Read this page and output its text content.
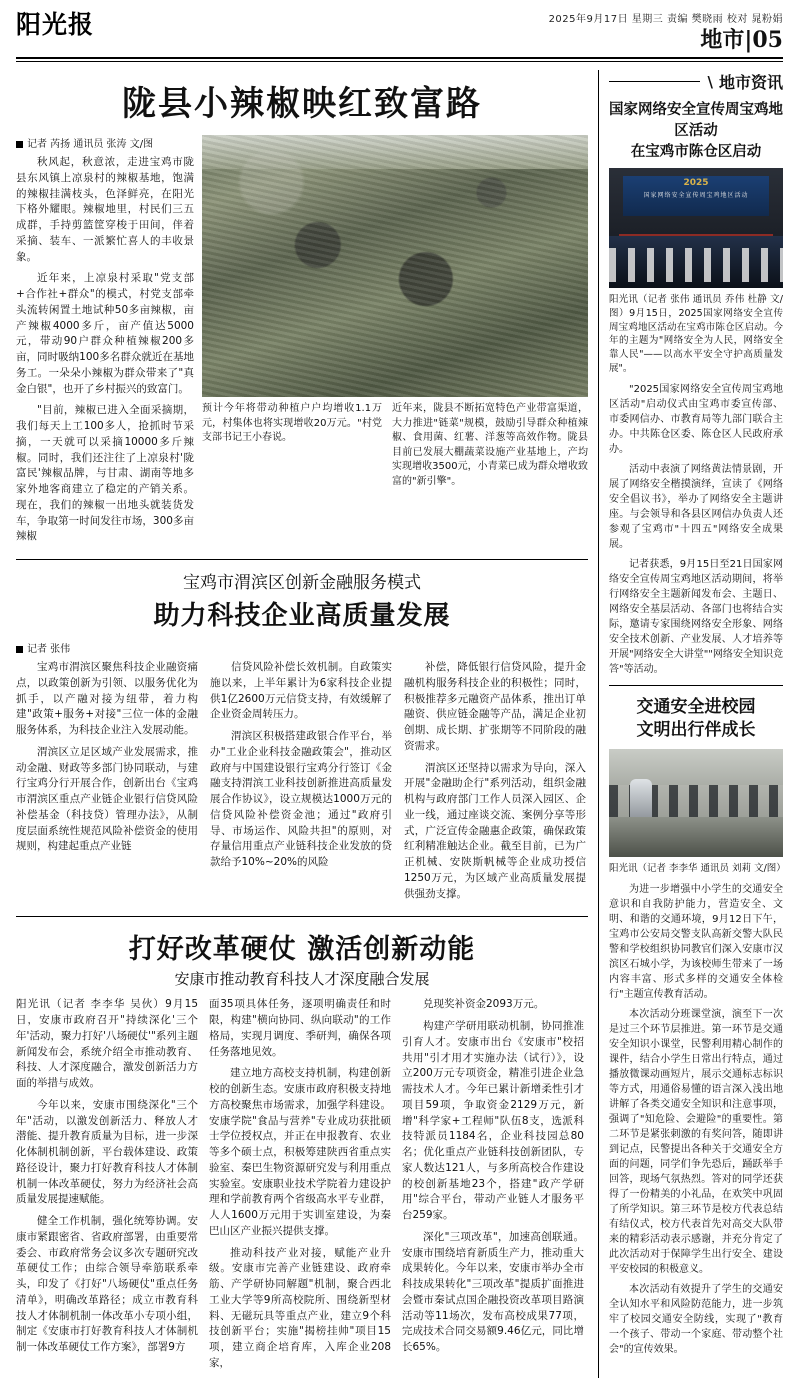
阳光报	2025年9月17日 星期三 责编 樊晓雨 校对 晁粉娟
地市|05
陇县小辣椒映红致富路
记者 芮扬 通讯员 张涛 文/图

秋风起，秋意浓，走进宝鸡市陇县东风镇上凉泉村的辣椒基地，饱满的辣椒挂满枝头，色泽鲜亮，在阳光下格外耀眼。辣椒地里，村民们三五成群，手持剪篮筐穿梭于田间，伴着采摘、装车、一派繁忙喜人的丰收景象。

近年来，上凉泉村采取"党支部+合作社+群众"的模式，村党支部牵头流转闲置土地试种50多亩辣椒，亩产辣椒4000多斤，亩产值达5000元，带动90户群众种植辣椒200多亩，同时吸纳100多名群众就近在基地务工。一朵朵小辣椒为群众带来了"真金白银"，也开了乡村振兴的致富门。

"目前，辣椒已进入全面采摘期，我们每天上工100多人，抢抓时节采摘，一天就可以采摘10000多斤辣椒。同时，我们还注往了上凉泉村'陇富民'辣椒品牌，与甘肃、湖南等地多家外地客商建立了稳定的产销关系。现在，我们的辣椒一出地头就装货发车，争取第一时间发往市场，300多亩辣椒

预计今年将带动种植户户均增收1.1万元，村集体也将实现增收20万元。"村党支部书记王小春说。

近年来，陇县不断拓宽特色产业带富渠道，大力推进"链菜"规模，鼓励引导群众种植辣椒、食用菌、红薯、洋葱等高效作物。陇县目前已发展大棚蔬菜设施产业基地上，产均实现增收3500元，小青菜已成为群众增收致富的"新引擎"。

宝鸡市渭滨区创新金融服务模式
助力科技企业高质量发展
记者 张伟

宝鸡市渭滨区聚焦科技企业融资痛点，以政策创新为引领、以服务优化为抓手，以产融对接为纽带，着力构建"政策+服务+对接"三位一体的金融服务体系，为科技企业注入发展动能。

渭滨区立足区域产业发展需求，推动金融、财政等多部门协同联动，与建行宝鸡分行开展合作，创新出台《宝鸡市渭滨区重点产业链企业银行信贷风险补偿基金（科技贷）管理办法》，从制度层面系统性规范风险补偿资金的使用规则，构建起重点产业链

信贷风险补偿长效机制。自政策实施以来，上半年累计为6家科技企业提供1亿2600万元信贷支持，有效缓解了企业资金周转压力。

渭滨区积极搭建政银合作平台，举办"工业企业科技金融政策会"，推动区政府与中国建设银行宝鸡分行签订《金融支持渭滨工业科技创新推进高质量发展合作协议》，设立规模达1000万元的信贷风险补偿资金池；通过"政府引导、市场运作、风险共担"的原则，对存量信用重点产业链科技企业发放的贷款给予10%~20%的风险

补偿，降低银行信贷风险，提升金融机构服务科技企业的积极性；同时，积极推荐多元融资产品体系，推出订单融资、供应链金融等产品，满足企业初创期、成长期、扩张期等不同阶段的融资需求。

渭滨区还坚持以需求为导向，深入开展"金融助企行"系列活动，组织金融机构与政府部门工作人员深入园区、企业一线，通过座谈交流、案例分享等形式，广泛宣传金融惠企政策，确保政策红利精准触达企业。截至目前，已为广正机械、安陕斯帆械等企业成功授信1250万元，为区域产业高质量发展提供强劲支撑。

打好改革硬仗 激活创新动能
安康市推动教育科技人才深度融合发展

阳光讯（记者 李李华 吴伙）9月15日，安康市政府召开"持续深化'三个年'活动，聚力打好'八场硬仗'"系列主题新闻发布会，系统介绍全市推动教育、科技、人才深度融合，激发创新活力方面的举措与成效。

今年以来，安康市围绕深化"三个年"活动，以激发创新活力、释放人才潜能、提升教育质量为目标，进一步深化体制机制创新，平台载体建设、政策路径设计，聚力打好教育科技人才体制机制一体改革硬仗，努力为经济社会高质量发展提速赋能。

健全工作机制，强化统筹协调。安康市紧跟密省、省政府部署，由重要常委会、市政府常务会议多次专题研究改革硬仗工作；由综合领导牵筋联系牵头，印发了《打好"八场硬仗"重点任务清单》，明确改革路径；成立市教育科技人才体制机制一体改革小专项小组，制定《安康市打好教育科技人才体制机制一体改革硬仗工作方案》，部署9方

面35项具体任务，逐项明确责任和时限，构建"横向协同、纵向联动"的工作格局，实现月调度、季研判，确保各项任务落地见效。

建立地方高校支持机制，构建创新校的创新生态。安康市政府积极支持地方高校聚焦市场需求，加强学科建设。安康学院"食品与营养"专业成功获批硕士学位授权点，并正在申报教育、农业等多个硕士点，积极筹建陕西省重点实验室、秦巴生物资源研究发与利用重点实验室。安康职业技术学院着力建设护理和学前教育两个省级高水平专业群，人人1600万元用于实训室建设，为秦巴山区产业振兴提供支撑。

推动科技产业对接，赋能产业升级。安康市完善产业链建设、政府牵筋、产学研协同解题"机制，聚合西北工业大学等9所高校院所、围绕新型材料、无磁玩具等重点产业，建立9个科技创新平台；实施"揭榜挂帅"项目15项，建立商企培育库，入库企业208家，

兑现奖补资金2093万元。

构建产学研用联动机制，协同推准引育人才。安康市出台《安康市"校招共用"引才用才实施办法（试行）》，设立200万元专项资金，精准引进企业急需技术人才。今年已累计新增柔性引才项目59项，争取资金2129万元，新增"科学家+工程师"队伍8支，选派科技特派员1184名，企业科技园总80名；优化重点产业链科技创新团队，专家人数达121人，与多所高校合作建设的校创新基地23个，搭建"政产学研用"综合平台，带动产业链人才服务平台259家。

深化"三项改革"，加速高创联通。安康市围绕培育新质生产力，推动重大成果转化。今年以来，安康市举办全市科技成果转化"三项改革"提质扩面推进会暨市秦试点国企融投资改革项目路演活动等11场次，发布高校成果77项，完成技术合同交易额9.46亿元，同比增长65%。

\ 地市资讯
国家网络安全宣传周宝鸡地区活动
在宝鸡市陈仓区启动
2025
国家网络安全宣传周宝鸡地区活动

阳光讯（记者 张伟 通讯员 乔伟 杜静 文/图）9月15日，2025国家网络安全宣传周宝鸡地区活动在宝鸡市陈仓区启动。今年的主题为"网络安全为人民，网络安全靠人民"——以高水平安全守护高质量发展"。

"2025国家网络安全宣传周宝鸡地区活动"启动仪式由宝鸡市委宣传部、市委网信办、市教育局等九部门联合主办。中共陈仓区委、陈仓区人民政府承办。

活动中表演了网络黄法情景剧，开展了网络安全楷摸演绎，宣读了《网络安全倡议书》，举办了网络安全主题讲座。与会领导和各县区网信办负责人还参观了宝鸡市"十四五"网络安全成果展。

记者获悉，9月15日至21日国家网络安全宣传周宝鸡地区活动期间，将举行网络安全主题新闻发布会、主题日、网络安全基层活动、各部门也将结合实际，邀请专家围绕网络安全形象、网络安全技术创新、产业发展、人才培养等开展"网络安全大讲堂""网络安全知识竞答"等活动。

交通安全进校园
文明出行伴成长

阳光讯（记者 李李华 通讯员 刘莉 文/图）

为进一步增强中小学生的交通安全意识和自我防护能力，营造安全、文明、和谐的交通环境，9月12日下午，宝鸡市公安局交警支队高新交警大队民警和学校组织协同教官们深入安康市汉滨区石城小学，为该校师生带来了一场内容丰富、形式多样的交通安全体检行"主题宣传教育活动。

本次活动分班课堂演，演至下一次是过三个环节层推进。第一环节是交通安全知识小课堂，民警利用精心制作的课件，结合小学生日常出行特点，通过播放微课动画短片，展示交通标志标识等方式，用通俗易懂的语言深入浅出地讲解了各类交通安全知识和注意事项，强调了"知危险、会避险"的重要性。第二环节是紧张刺激的有奖问答，随即讲到记点，民警提出各种关于交通安全方面的问题，同学们争先恐后，踊跃举手回答，现场气氛热烈。答对的同学还获得了一份精美的小礼品，在欢笑中巩固了所学知识。第三环节是校方代表总结有结仪式，校方代表首先对高交大队带来的精彩活动表示感谢，并充分肯定了此次活动对于保障学生出行安全、建设平安校园的积极意义。

本次活动有效提升了学生的交通安全认知水平和风险防范能力，进一步筑牢了校园交通安全防线，实现了"教育一个孩子、带动一个家庭、带动整个社会"的宣传效果。
